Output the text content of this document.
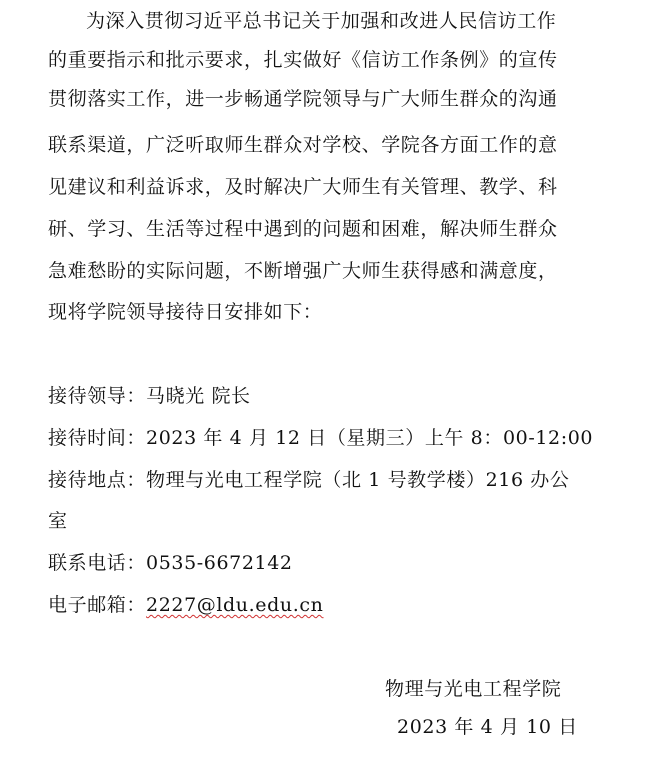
为深入贯彻习近平总书记关于加强和改进人民信访工作
的重要指示和批示要求，扎实做好《信访工作条例》的宣传
贯彻落实工作，进一步畅通学院领导与广大师生群众的沟通
联系渠道，广泛听取师生群众对学校、学院各方面工作的意
见建议和利益诉求，及时解决广大师生有关管理、教学、科
研、学习、生活等过程中遇到的问题和困难，解决师生群众
急难愁盼的实际问题，不断增强广大师生获得感和满意度，
现将学院领导接待日安排如下：
接待领导：马晓光 院长
接待时间：2023 年 4 月 12 日（星期三）上午 8：00-12:00
接待地点：物理与光电工程学院（北 1 号教学楼）216 办公
室
联系电话：0535-6672142
电子邮箱：2227@ldu.edu.cn
物理与光电工程学院
2023 年 4 月 10 日
